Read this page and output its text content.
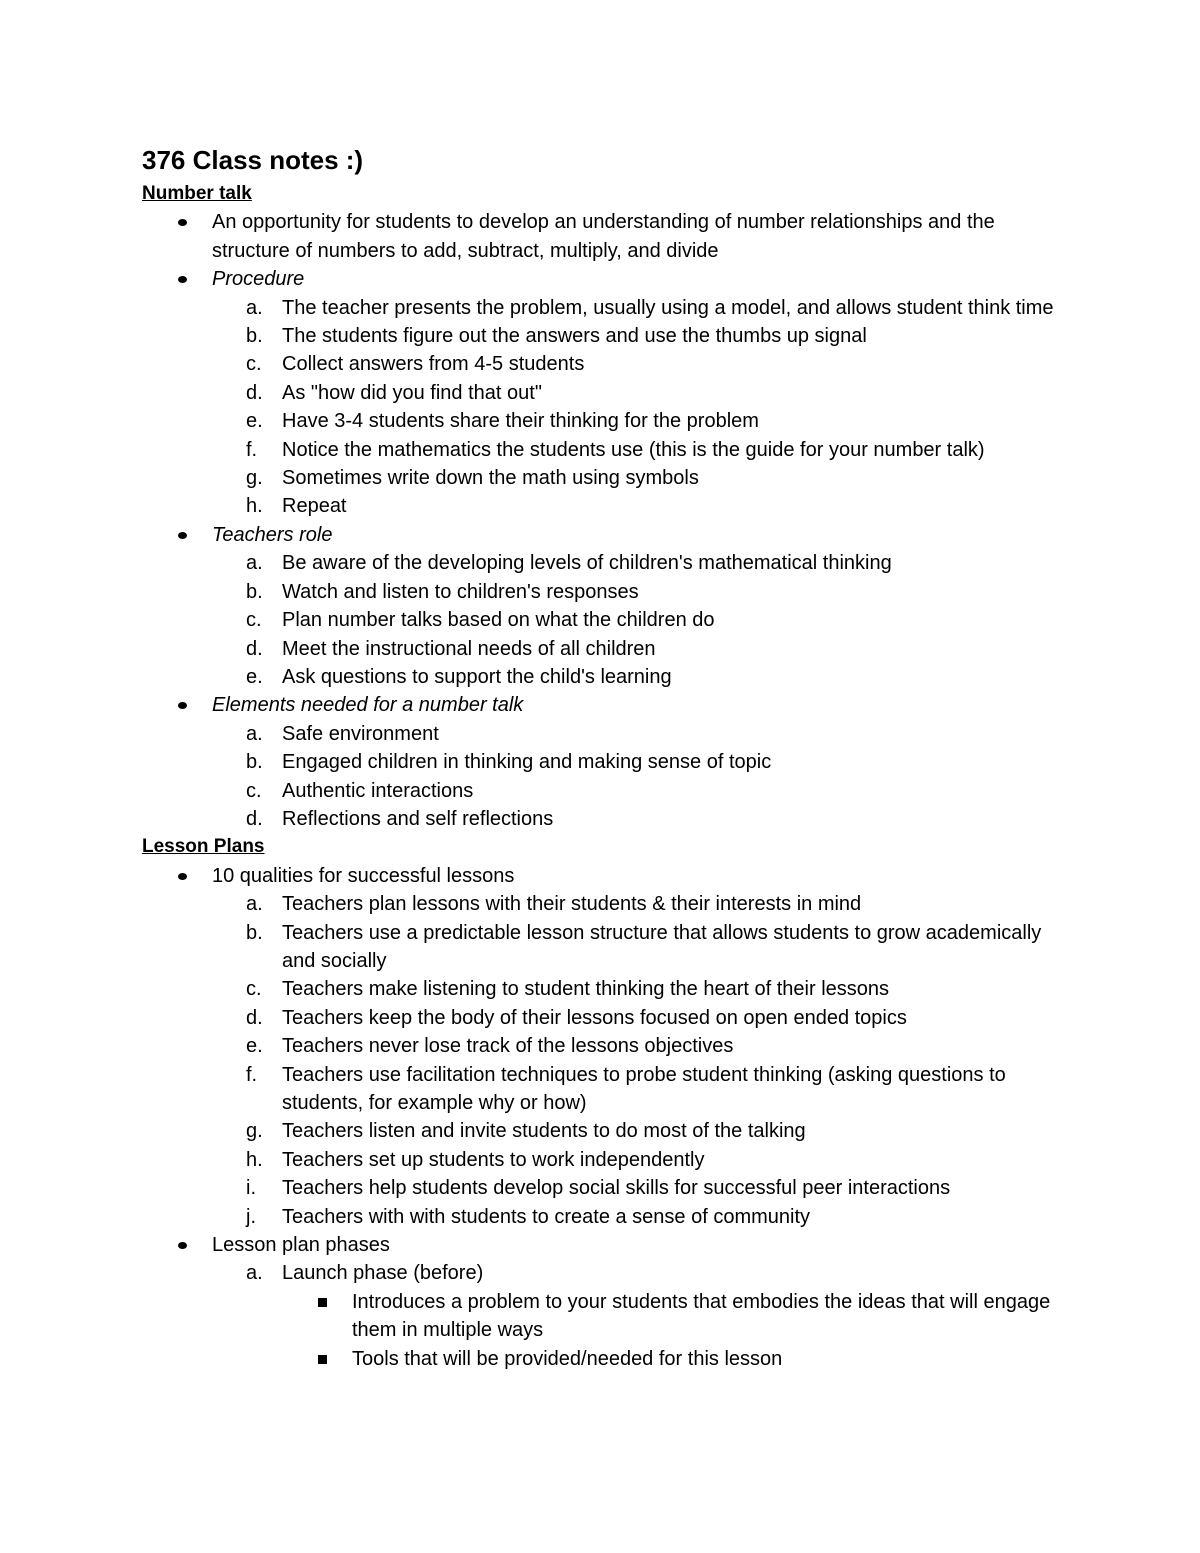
376 Class notes :)

Number talk

An opportunity for students to develop an understanding of number relationships and the structure of numbers to add, subtract, multiply, and divide
Procedure
a. The teacher presents the problem, usually using a model, and allows student think time
b. The students figure out the answers and use the thumbs up signal
c.	Collect answers from 4-5 students
d. As "how did you find that out"
e. Have 3-4 students share their thinking for the problem
f.	Notice the mathematics the students use (this is the guide for your number talk)
g. Sometimes write down the math using symbols
h. Repeat
Teachers role
a. Be aware of the developing levels of children's mathematical thinking
b. Watch and listen to children's responses
c.	Plan number talks based on what the children do
d. Meet the instructional needs of all children
e. Ask questions to support the child's learning
Elements needed for a number talk
a. Safe environment
b. Engaged children in thinking and making sense of topic
c.	Authentic interactions
d. Reflections and self reflections

Lesson Plans

10 qualities for successful lessons
a. Teachers plan lessons with their students & their interests in mind
b. Teachers use a predictable lesson structure that allows students to grow academically and socially
c.	Teachers make listening to student thinking the heart of their lessons
d. Teachers keep the body of their lessons focused on open ended topics
e. Teachers never lose track of the lessons objectives
f.	Teachers use facilitation techniques to probe student thinking (asking questions to students, for example why or how)
g. Teachers listen and invite students to do most of the talking
h. Teachers set up students to work independently
i.	Teachers help students develop social skills for successful peer interactions
j.	Teachers with with students to create a sense of community
Lesson plan phases
a. Launch phase (before)
Introduces a problem to your students that embodies the ideas that will engage them in multiple ways
Tools that will be provided/needed for this lesson
